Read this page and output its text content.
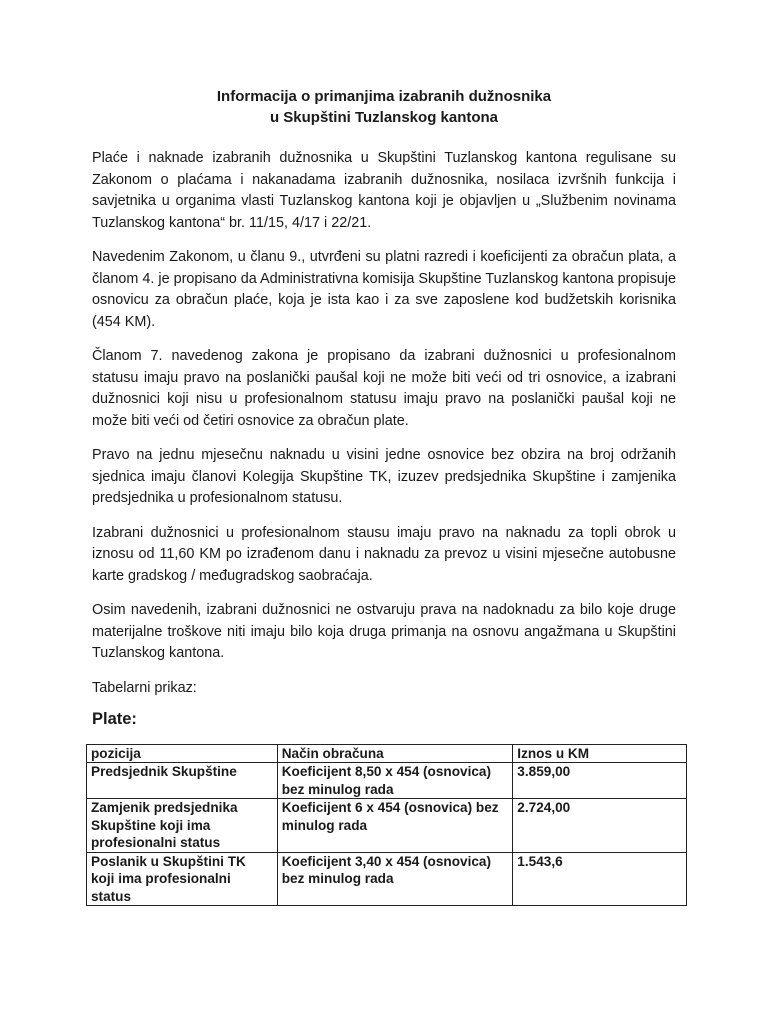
Informacija o primanjima izabranih dužnosnika
u Skupštini Tuzlanskog kantona

Plaće i naknade izabranih dužnosnika u Skupštini Tuzlanskog kantona regulisane su Zakonom o plaćama i nakanadama izabranih dužnosnika, nosilaca izvršnih funkcija i savjetnika u organima vlasti Tuzlanskog kantona koji je objavljen u „Službenim novinama Tuzlanskog kantona“ br. 11/15, 4/17 i 22/21.

Navedenim Zakonom, u članu 9., utvrđeni su platni razredi i koeficijenti za obračun plata, a članom 4. je propisano da Administrativna komisija Skupštine Tuzlanskog kantona propisuje osnovicu za obračun plaće, koja je ista kao i za sve zaposlene kod budžetskih korisnika (454 KM).

Članom 7. navedenog zakona je propisano da izabrani dužnosnici u profesionalnom statusu imaju pravo na poslanički paušal koji ne može biti veći od tri osnovice, a izabrani dužnosnici koji nisu u profesionalnom statusu imaju pravo na poslanički paušal koji ne može biti veći od četiri osnovice za obračun plate.

Pravo na jednu mjesečnu naknadu u visini jedne osnovice bez obzira na broj održanih sjednica imaju članovi Kolegija Skupštine TK, izuzev predsjednika Skupštine i zamjenika predsjednika u profesionalnom statusu.

Izabrani dužnosnici u profesionalnom stausu imaju pravo na naknadu za topli obrok u iznosu od 11,60 KM po izrađenom danu i naknadu za prevoz u visini mjesečne autobusne karte gradskog / međugradskog saobraćaja.

Osim navedenih, izabrani dužnosnici ne ostvaruju prava na nadoknadu za bilo koje druge materijalne troškove niti imaju bilo koja druga primanja na osnovu angažmana u Skupštini Tuzlanskog kantona.

Tabelarni prikaz:
Plate:
pozicija	Način obračuna	Iznos u KM
Predsjednik Skupštine	Koeficijent 8,50 x 454 (osnovica) bez minulog rada	3.859,00
Zamjenik predsjednika Skupštine koji ima profesionalni status	Koeficijent 6 x 454 (osnovica) bez minulog rada	2.724,00
Poslanik u Skupštini TK koji ima profesionalni status	Koeficijent 3,40 x 454 (osnovica) bez minulog rada	1.543,6
